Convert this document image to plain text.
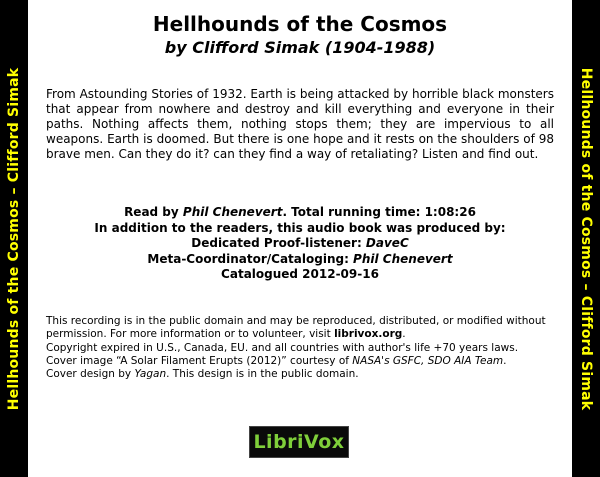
Hellhounds of the Cosmos – Clifford Simak	Hellhounds of the Cosmos – Clifford Simak
Hellhounds of the Cosmos
by Clifford Simak (1904-1988)
From Astounding Stories of 1932. Earth is being attacked by horrible black monsters that appear from nowhere and destroy and kill everything and everyone in their paths. Nothing affects them, nothing stops them; they are impervious to all weapons. Earth is doomed. But there is one hope and it rests on the shoulders of 98 brave men. Can they do it? can they find a way of retaliating? Listen and find out.
Read by Phil Chenevert. Total running time: 1:08:26
In addition to the readers, this audio book was produced by:
Dedicated Proof-listener: DaveC
Meta-Coordinator/Cataloging: Phil Chenevert
Catalogued 2012-09-16
This recording is in the public domain and may be reproduced, distributed, or modified without permission. For more information or to volunteer, visit librivox.org.
Copyright expired in U.S., Canada, EU. and all countries with author's life +70 years laws.
Cover image “A Solar Filament Erupts (2012)” courtesy of NASA's GSFC, SDO AIA Team.
Cover design by Yagan. This design is in the public domain.
LibriVox
